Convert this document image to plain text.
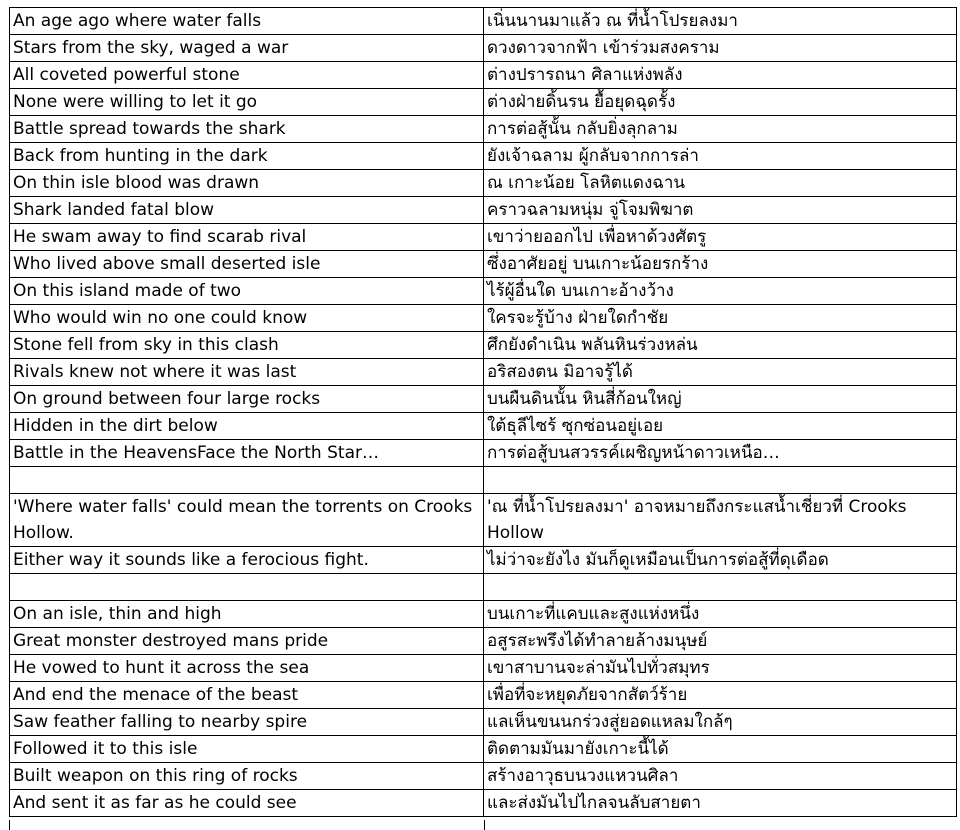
An age ago where water falls	เนิ่นนานมาแล้ว ณ ที่น้ำโปรยลงมา
Stars from the sky, waged a war	ดวงดาวจากฟ้า เข้าร่วมสงคราม
All coveted powerful stone	ต่างปรารถนา ศิลาแห่งพลัง
None were willing to let it go	ต่างฝ่ายดิ้นรน ยื้อยุดฉุดรั้ง
Battle spread towards the shark	การต่อสู้นั้น กลับยิ่งลุกลาม
Back from hunting in the dark	ยังเจ้าฉลาม ผู้กลับจากการล่า
On thin isle blood was drawn	ณ เกาะน้อย โลหิตแดงฉาน
Shark landed fatal blow	คราวฉลามหนุ่ม จู่โจมพิฆาต
He swam away to find scarab rival	เขาว่ายออกไป เพื่อหาด้วงศัตรู
Who lived above small deserted isle	ซึ่งอาศัยอยู่ บนเกาะน้อยรกร้าง
On this island made of two	ไร้ผู้อื่นใด บนเกาะอ้างว้าง
Who would win no one could know	ใครจะรู้บ้าง ฝ่ายใดกำชัย
Stone fell from sky in this clash	ศึกยังดำเนิน พลันหินร่วงหล่น
Rivals knew not where it was last	อริสองตน มิอาจรู้ได้
On ground between four large rocks	บนผืนดินนั้น หินสี่ก้อนใหญ่
Hidden in the dirt below	ใต้ธุลีไซร้ ซุกซ่อนอยู่เอย
Battle in the HeavensFace the North Star…	การต่อสู้บนสวรรค์เผชิญหน้าดาวเหนือ…

'Where water falls' could mean the torrents on Crooks Hollow.	'ณ ที่น้ำโปรยลงมา' อาจหมายถึงกระแสน้ำเชี่ยวที่ Crooks Hollow
Either way it sounds like a ferocious fight.	ไม่ว่าจะยังไง มันก็ดูเหมือนเป็นการต่อสู้ที่ดุเดือด

On an isle, thin and high	บนเกาะที่แคบและสูงแห่งหนึ่ง
Great monster destroyed mans pride	อสูรสะพรึงได้ทำลายล้างมนุษย์
He vowed to hunt it across the sea	เขาสาบานจะล่ามันไปทั่วสมุทร
And end the menace of the beast	เพื่อที่จะหยุดภัยจากสัตว์ร้าย
Saw feather falling to nearby spire	แลเห็นขนนกร่วงสู่ยอดแหลมใกล้ๆ
Followed it to this isle	ติดตามมันมายังเกาะนี้ได้
Built weapon on this ring of rocks	สร้างอาวุธบนวงแหวนศิลา
And sent it as far as he could see	และส่งมันไปไกลจนลับสายตา
